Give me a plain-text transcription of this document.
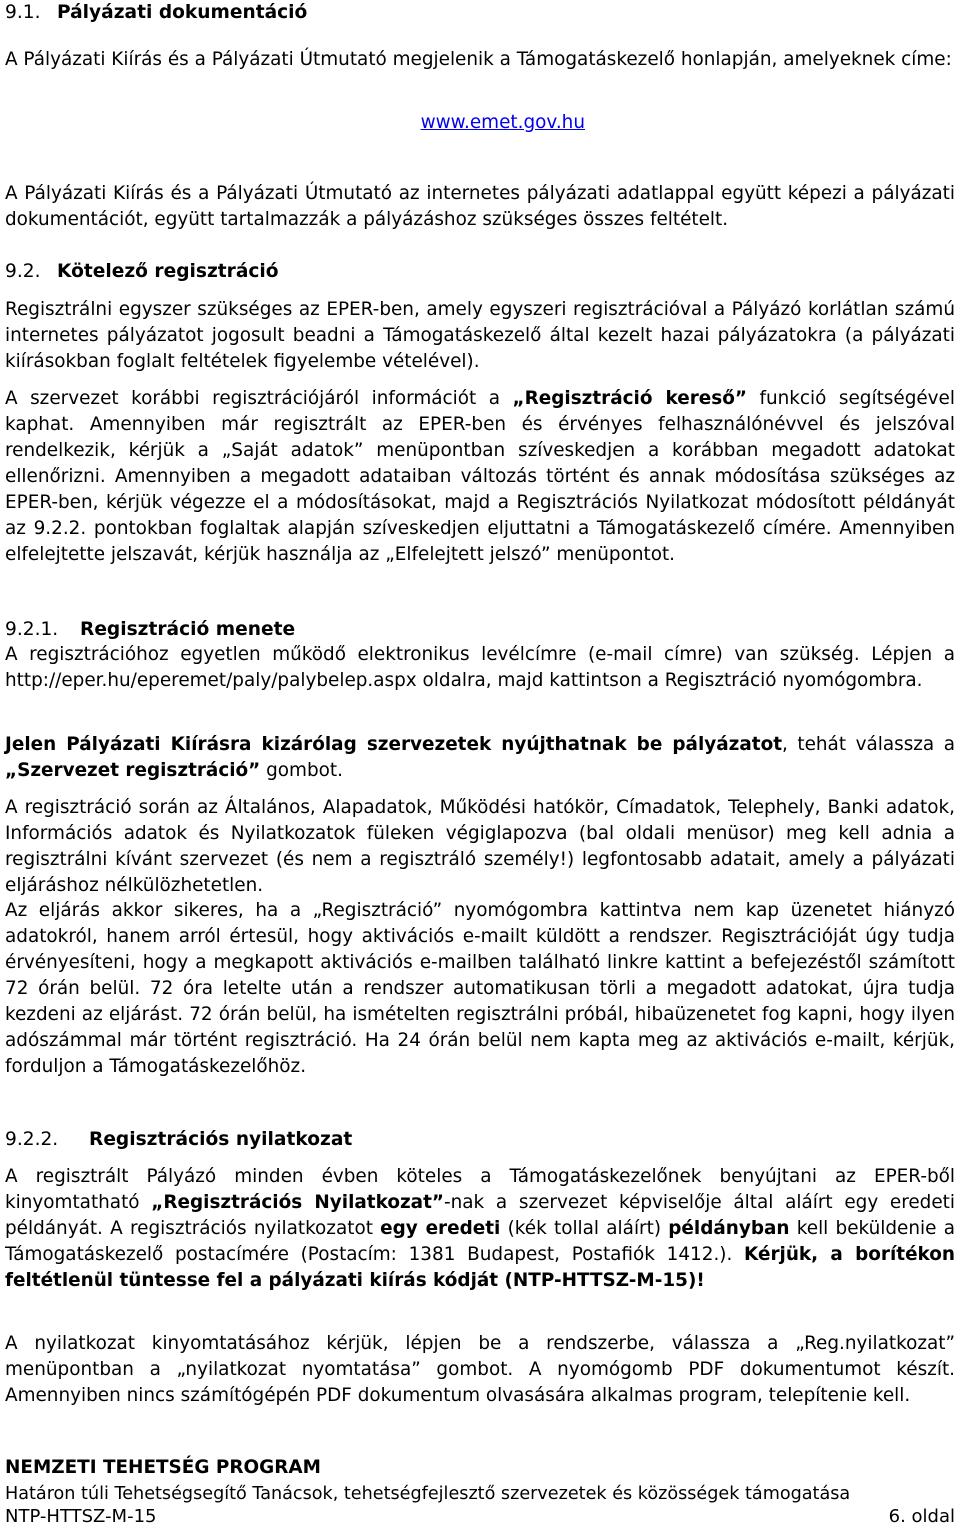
9.1. Pályázati dokumentáció

A Pályázati Kiírás és a Pályázati Útmutató megjelenik a Támogatáskezelő honlapján, amelyeknek címe:

www.emet.gov.hu

A Pályázati Kiírás és a Pályázati Útmutató az internetes pályázati adatlappal együtt képezi a pályázati dokumentációt, együtt tartalmazzák a pályázáshoz szükséges összes feltételt.

9.2. Kötelező regisztráció

Regisztrálni egyszer szükséges az EPER-ben, amely egyszeri regisztrációval a Pályázó korlátlan számú internetes pályázatot jogosult beadni a Támogatáskezelő által kezelt hazai pályázatokra (a pályázati kiírásokban foglalt feltételek figyelembe vételével).

A szervezet korábbi regisztrációjáról információt a „Regisztráció kereső” funkció segítségével kaphat. Amennyiben már regisztrált az EPER-ben és érvényes felhasználónévvel és jelszóval rendelkezik, kérjük a „Saját adatok” menüpontban szíveskedjen a korábban megadott adatokat ellenőrizni. Amennyiben a megadott adataiban változás történt és annak módosítása szükséges az EPER-ben, kérjük végezze el a módosításokat, majd a Regisztrációs Nyilatkozat módosított példányát az 9.2.2. pontokban foglaltak alapján szíveskedjen eljuttatni a Támogatáskezelő címére. Amennyiben elfelejtette jelszavát, kérjük használja az „Elfelejtett jelszó” menüpontot.

9.2.1. Regisztráció menete

A regisztrációhoz egyetlen működő elektronikus levélcímre (e-mail címre) van szükség. Lépjen a http://eper.hu/eperemet/paly/palybelep.aspx oldalra, majd kattintson a Regisztráció nyomógombra.

Jelen Pályázati Kiírásra kizárólag szervezetek nyújthatnak be pályázatot, tehát válassza a „Szervezet regisztráció” gombot.

A regisztráció során az Általános, Alapadatok, Működési hatókör, Címadatok, Telephely, Banki adatok, Információs adatok és Nyilatkozatok füleken végiglapozva (bal oldali menüsor) meg kell adnia a regisztrálni kívánt szervezet (és nem a regisztráló személy!) legfontosabb adatait, amely a pályázati eljáráshoz nélkülözhetetlen.

Az eljárás akkor sikeres, ha a „Regisztráció” nyomógombra kattintva nem kap üzenetet hiányzó adatokról, hanem arról értesül, hogy aktivációs e-mailt küldött a rendszer. Regisztrációját úgy tudja érvényesíteni, hogy a megkapott aktivációs e-mailben található linkre kattint a befejezéstől számított 72 órán belül. 72 óra letelte után a rendszer automatikusan törli a megadott adatokat, újra tudja kezdeni az eljárást. 72 órán belül, ha ismételten regisztrálni próbál, hibaüzenetet fog kapni, hogy ilyen adószámmal már történt regisztráció. Ha 24 órán belül nem kapta meg az aktivációs e-mailt, kérjük, forduljon a Támogatáskezelőhöz.

9.2.2. Regisztrációs nyilatkozat

A regisztrált Pályázó minden évben köteles a Támogatáskezelőnek benyújtani az EPER-ből kinyomtatható „Regisztrációs Nyilatkozat”-nak a szervezet képviselője által aláírt egy eredeti példányát. A regisztrációs nyilatkozatot egy eredeti (kék tollal aláírt) példányban kell beküldenie a Támogatáskezelő postacímére (Postacím: 1381 Budapest, Postafiók 1412.). Kérjük, a borítékon feltétlenül tüntesse fel a pályázati kiírás kódját (NTP-HTTSZ-M-15)!

A nyilatkozat kinyomtatásához kérjük, lépjen be a rendszerbe, válassza a „Reg.nyilatkozat” menüpontban a „nyilatkozat nyomtatása” gombot. A nyomógomb PDF dokumentumot készít. Amennyiben nincs számítógépén PDF dokumentum olvasására alkalmas program, telepítenie kell.

NEMZETI TEHETSÉG PROGRAM
Határon túli Tehetségsegítő Tanácsok, tehetségfejlesztő szervezetek és közösségek támogatása
NTP-HTTSZ-M-15	6. oldal
